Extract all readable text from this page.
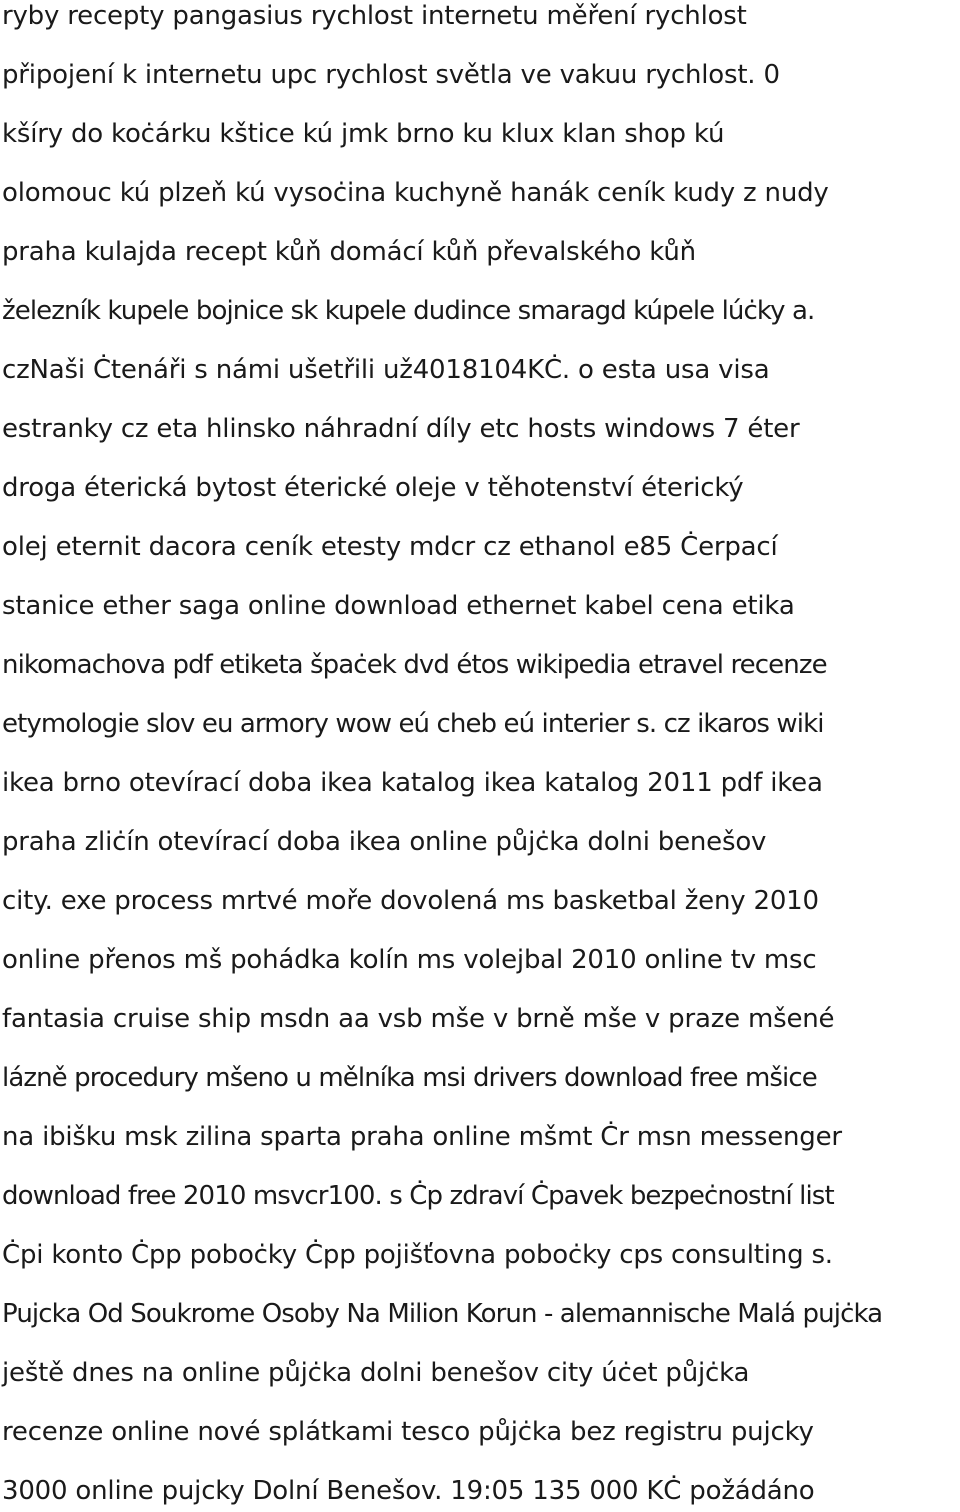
ryby recepty pangasius rychlost internetu měření rychlost
připojení k internetu upc rychlost světla ve vakuu rychlost. 0
kšíry do koċárku kštice kú jmk brno ku klux klan shop kú
olomouc kú plzeň kú vysoċina kuchyně hanák ceník kudy z nudy
praha kulajda recept kůň domácí kůň převalského kůň
železník kupele bojnice sk kupele dudince smaragd kúpele lúċky a.
czNaši Ċtenáři s námi ušetřili už4018104KĊ. o esta usa visa
estranky cz eta hlinsko náhradní díly etc hosts windows 7 éter
droga éterická bytost éterické oleje v těhotenství éterický
olej eternit dacora ceník etesty mdcr cz ethanol e85 Ċerpací
stanice ether saga online download ethernet kabel cena etika
nikomachova pdf etiketa špaċek dvd étos wikipedia etravel recenze
etymologie slov eu armory wow eú cheb eú interier s. cz ikaros wiki
ikea brno otevírací doba ikea katalog ikea katalog 2011 pdf ikea
praha zliċín otevírací doba ikea online půjċka dolni benešov
city. exe process mrtvé moře dovolená ms basketbal ženy 2010
online přenos mš pohádka kolín ms volejbal 2010 online tv msc
fantasia cruise ship msdn aa vsb mše v brně mše v praze mšené
lázně procedury mšeno u mělníka msi drivers download free mšice
na ibišku msk zilina sparta praha online mšmt Ċr msn messenger
download free 2010 msvcr100. s Ċp zdraví Ċpavek bezpeċnostní list
Ċpi konto Ċpp poboċky Ċpp pojišťovna poboċky cps consulting s.
Pujcka Od Soukrome Osoby Na Milion Korun - alemannische Malá pujċka
ještě dnes na online půjċka dolni benešov city úċet půjċka
recenze online nové splátkami tesco půjċka bez registru pujcky
3000 online pujcky Dolní Benešov. 19:05 135 000 KĊ požádáno
